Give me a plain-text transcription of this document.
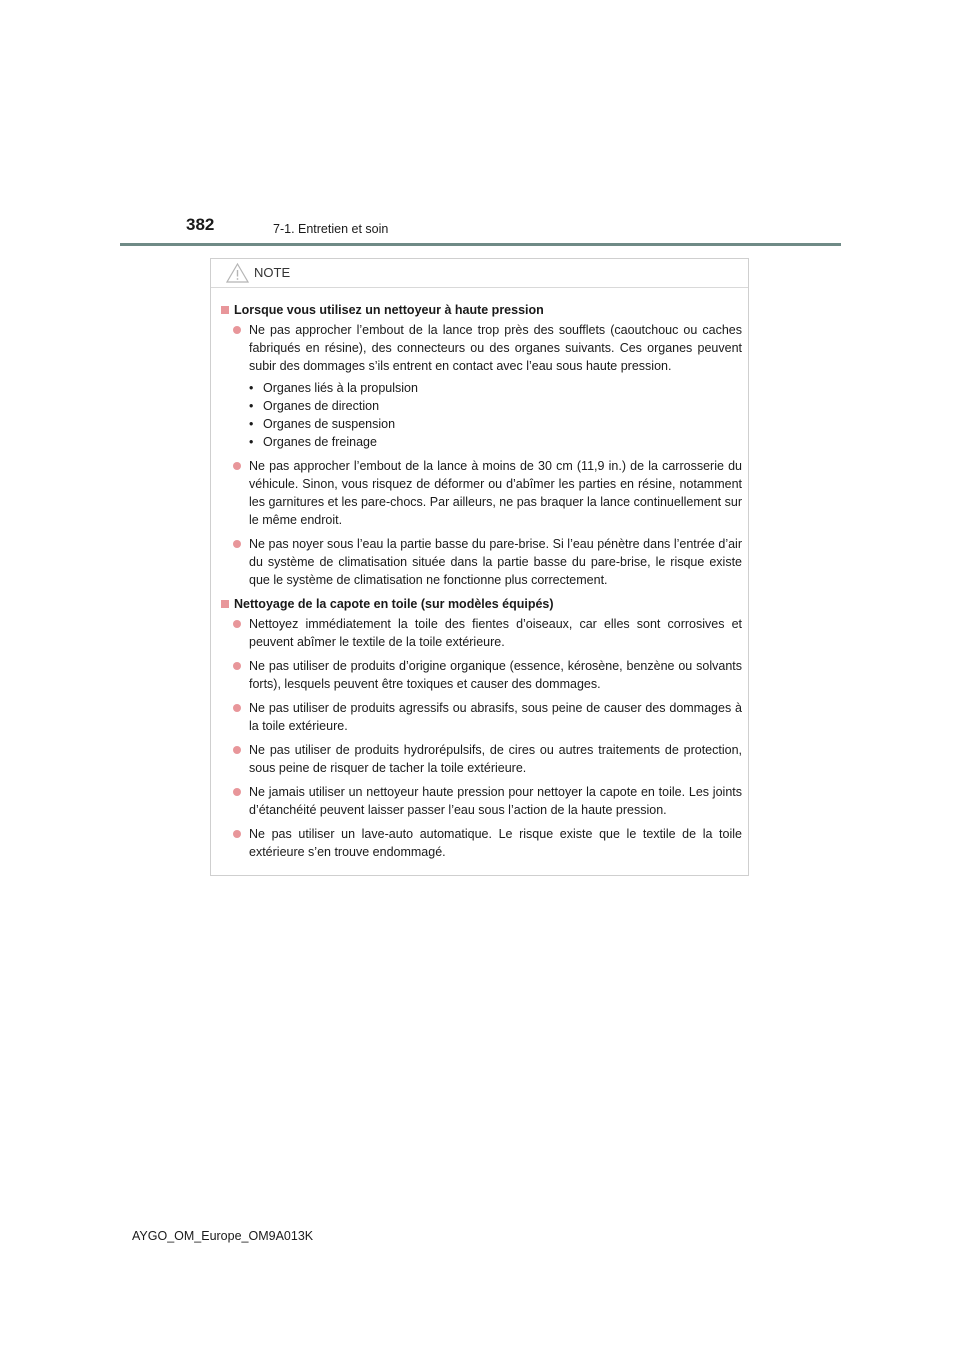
382	7-1. Entretien et soin
NOTE
Lorsque vous utilisez un nettoyeur à haute pression
Ne pas approcher l’embout de la lance trop près des soufflets (caoutchouc ou caches fabriqués en résine), des connecteurs ou des organes suivants. Ces organes peuvent subir des dommages s’ils entrent en contact avec l’eau sous haute pression.
• Organes liés à la propulsion
• Organes de direction
• Organes de suspension
• Organes de freinage
Ne pas approcher l’embout de la lance à moins de 30 cm (11,9 in.) de la carrosserie du véhicule. Sinon, vous risquez de déformer ou d’abîmer les parties en résine, notamment les garnitures et les pare-chocs. Par ailleurs, ne pas braquer la lance continuellement sur le même endroit.
Ne pas noyer sous l’eau la partie basse du pare-brise. Si l’eau pénètre dans l’entrée d’air du système de climatisation située dans la partie basse du pare-brise, le risque existe que le système de climatisation ne fonctionne plus correctement.
Nettoyage de la capote en toile (sur modèles équipés)
Nettoyez immédiatement la toile des fientes d’oiseaux, car elles sont corrosives et peuvent abîmer le textile de la toile extérieure.
Ne pas utiliser de produits d’origine organique (essence, kérosène, benzène ou solvants forts), lesquels peuvent être toxiques et causer des dommages.
Ne pas utiliser de produits agressifs ou abrasifs, sous peine de causer des dommages à la toile extérieure.
Ne pas utiliser de produits hydrorépulsifs, de cires ou autres traitements de protection, sous peine de risquer de tacher la toile extérieure.
Ne jamais utiliser un nettoyeur haute pression pour nettoyer la capote en toile. Les joints d’étanchéité peuvent laisser passer l’eau sous l’action de la haute pression.
Ne pas utiliser un lave-auto automatique. Le risque existe que le textile de la toile extérieure s’en trouve endommagé.
AYGO_OM_Europe_OM9A013K
